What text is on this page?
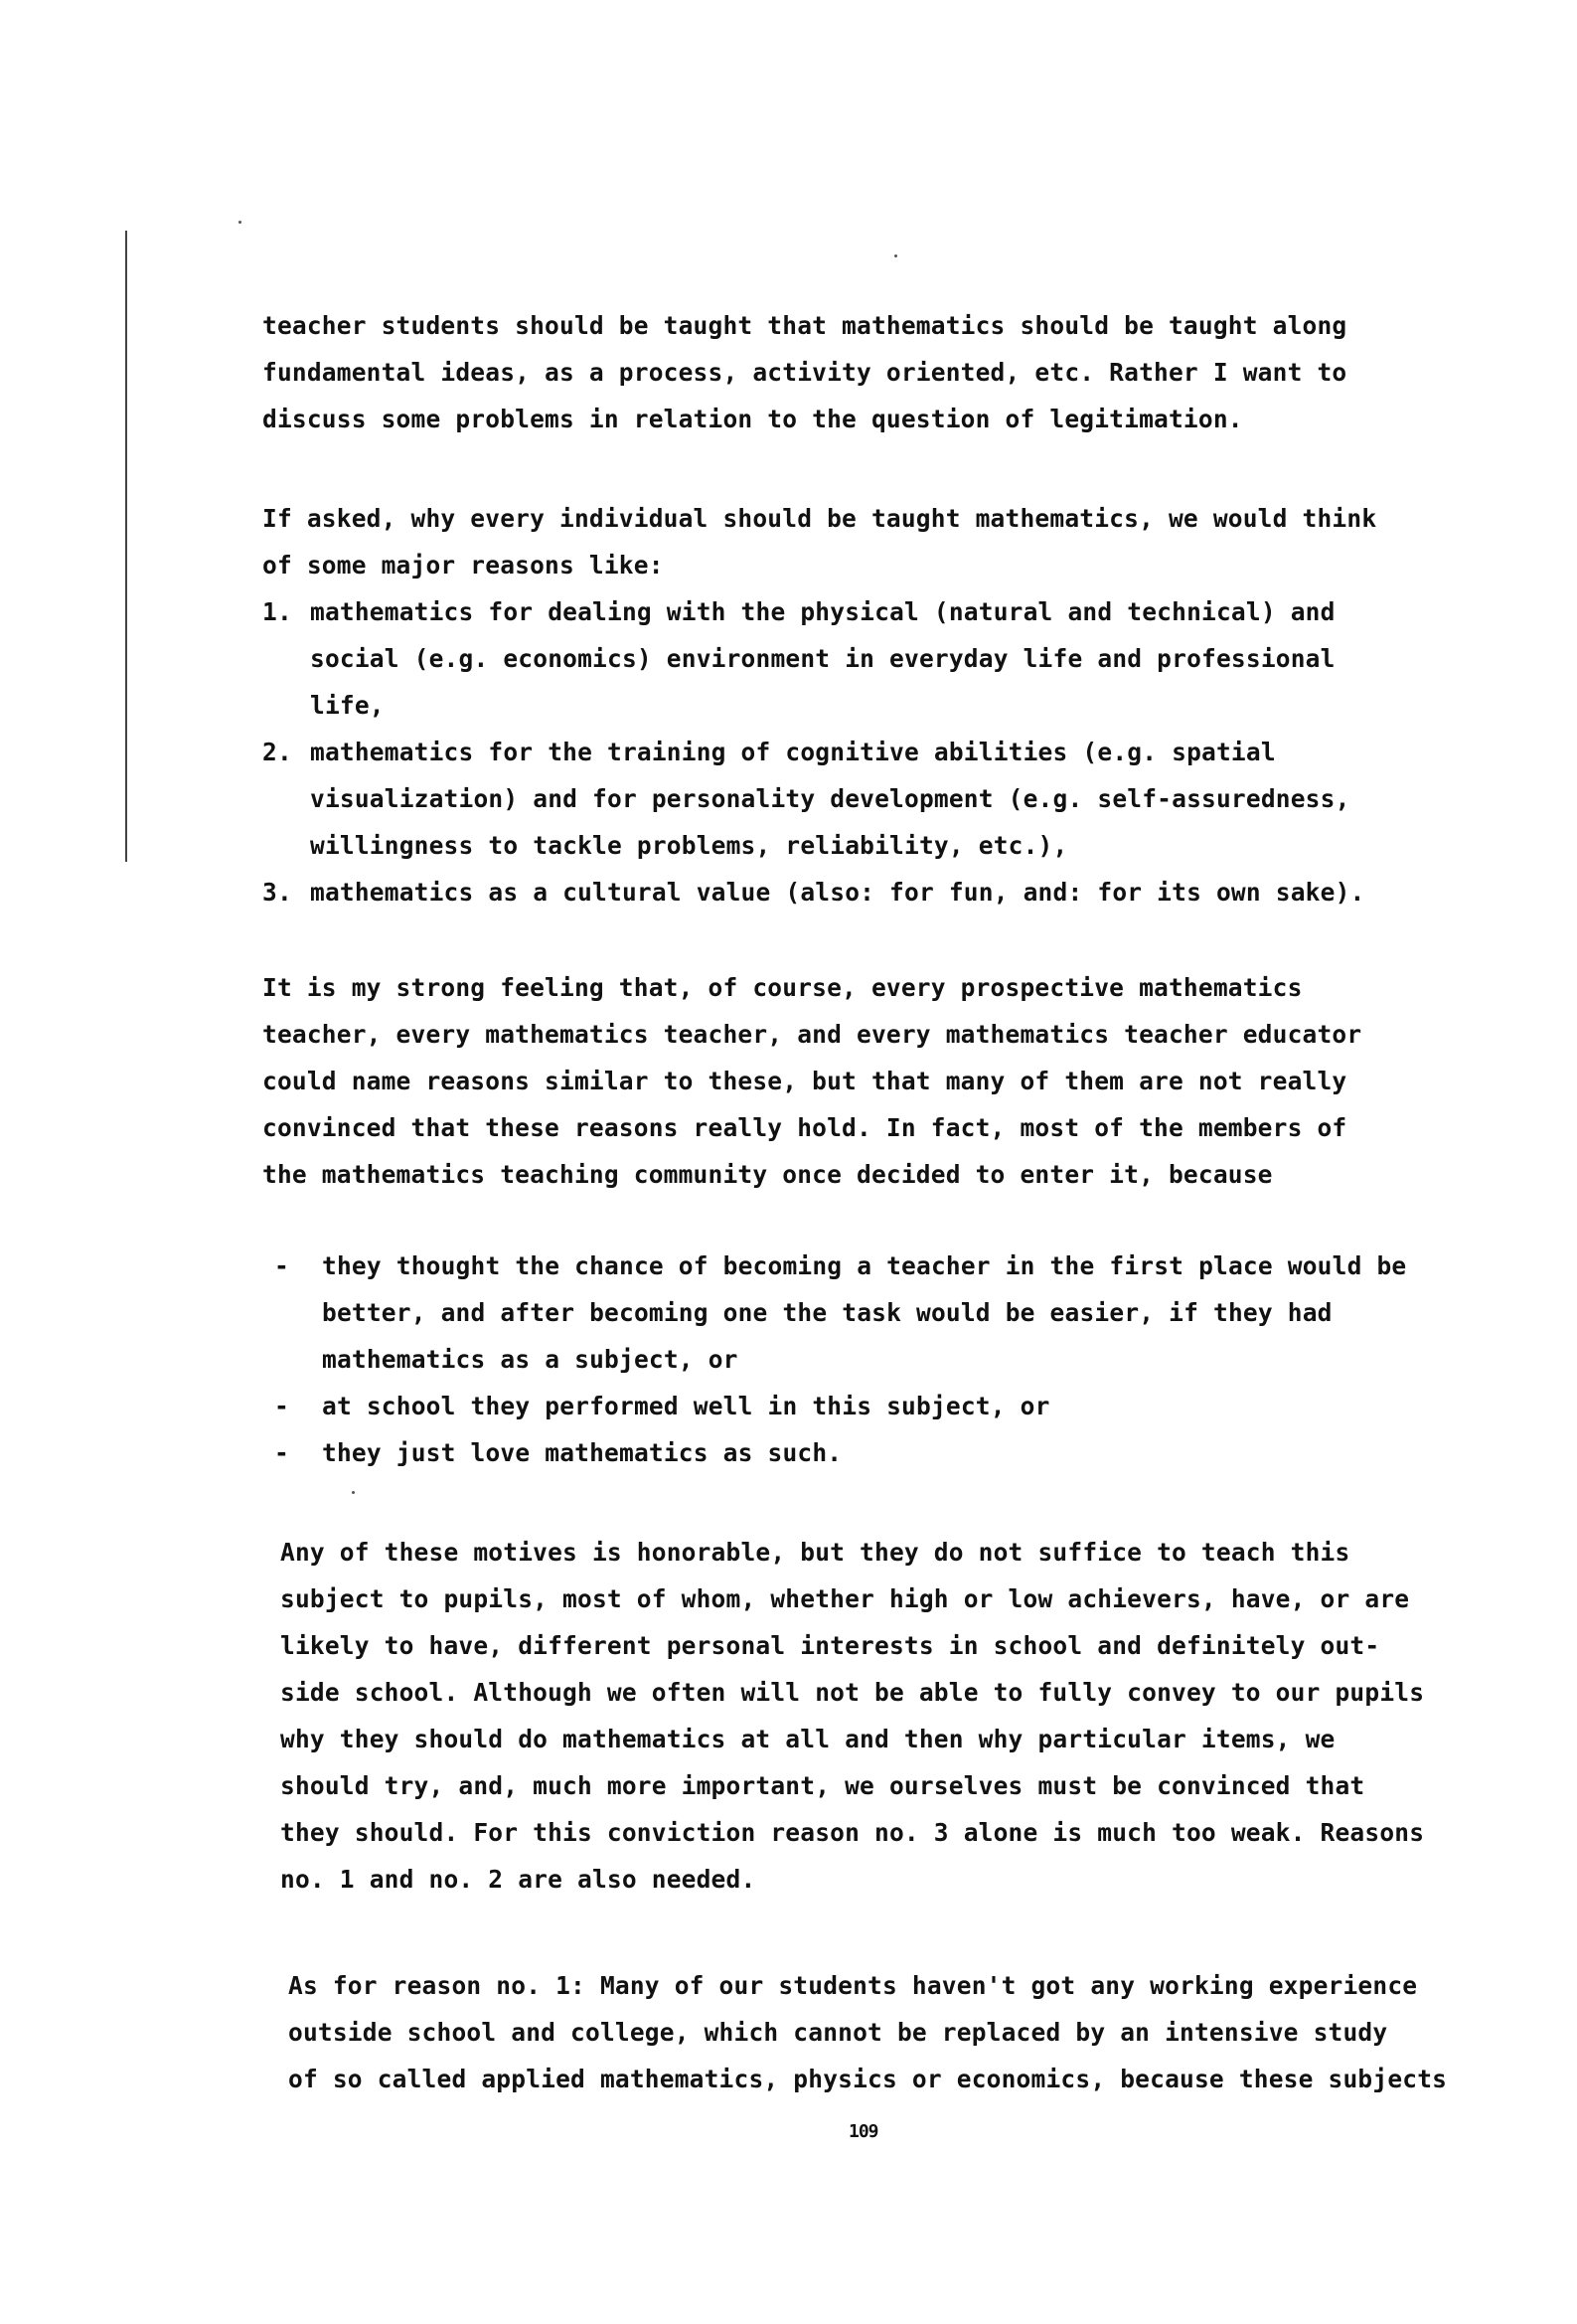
teacher students should be taught that mathematics should be taught along

fundamental ideas, as a process, activity oriented, etc. Rather I want to

discuss some problems in relation to the question of legitimation.

If asked, why every individual should be taught mathematics, we would think

of some major reasons like:

1. mathematics for dealing with the physical (natural and technical) and

social (e.g. economics) environment in everyday life and professional

life,

2. mathematics for the training of cognitive abilities (e.g. spatial

visualization) and for personality development (e.g. self-assuredness,

willingness to tackle problems, reliability, etc.),

3. mathematics as a cultural value (also: for fun, and: for its own sake).

It is my strong feeling that, of course, every prospective mathematics

teacher, every mathematics teacher, and every mathematics teacher educator

could name reasons similar to these, but that many of them are not really

convinced that these reasons really hold. In fact, most of the members of

the mathematics teaching community once decided to enter it, because

- they thought the chance of becoming a teacher in the first place would be

better, and after becoming one the task would be easier, if they had

mathematics as a subject, or

- at school they performed well in this subject, or

- they just love mathematics as such.

Any of these motives is honorable, but they do not suffice to teach this

subject to pupils, most of whom, whether high or low achievers, have, or are

likely to have, different personal interests in school and definitely out-

side school. Although we often will not be able to fully convey to our pupils

why they should do mathematics at all and then why particular items, we

should try, and, much more important, we ourselves must be convinced that

they should. For this conviction reason no. 3 alone is much too weak. Reasons

no. 1 and no. 2 are also needed.

As for reason no. 1: Many of our students haven't got any working experience

outside school and college, which cannot be replaced by an intensive study

of so called applied mathematics, physics or economics, because these subjects

109
